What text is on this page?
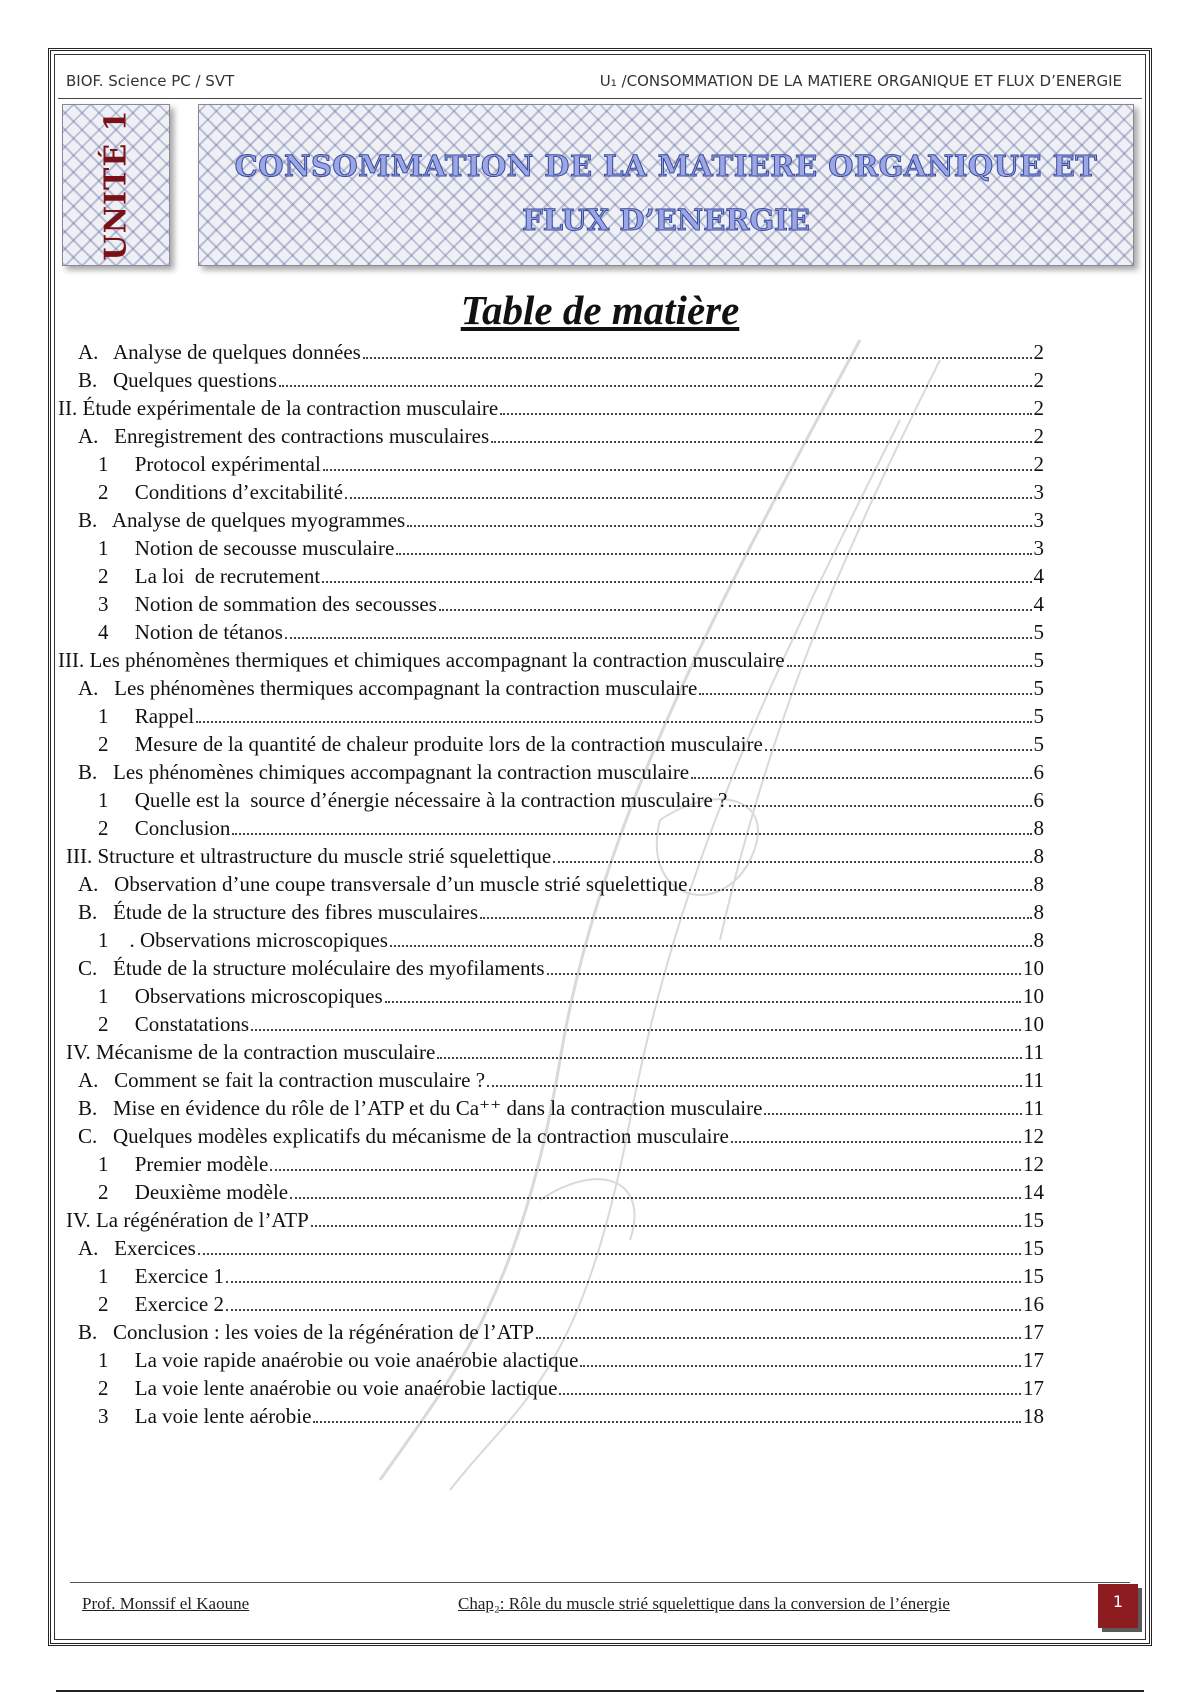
BIOF. Science PC / SVT	U₁ /CONSOMMATION DE LA MATIERE ORGANIQUE ET FLUX D’ENERGIE
UNITÉ 1	CONSOMMATION DE LA MATIERE ORGANIQUE ET
FLUX D’ENERGIE
Table de matière
A.   Analyse de quelques données	2
B.   Quelques questions	2
II. Étude expérimentale de la contraction musculaire	2
A.   Enregistrement des contractions musculaires	2
1     Protocol expérimental	2
2     Conditions d’excitabilité	3
B.   Analyse de quelques myogrammes	3
1     Notion de secousse musculaire	3
2     La loi  de recrutement	4
3     Notion de sommation des secousses	4
4     Notion de tétanos	5
III. Les phénomènes thermiques et chimiques accompagnant la contraction musculaire	5
A.   Les phénomènes thermiques accompagnant la contraction musculaire	5
1     Rappel	5
2     Mesure de la quantité de chaleur produite lors de la contraction musculaire	5
B.   Les phénomènes chimiques accompagnant la contraction musculaire	6
1     Quelle est la  source d’énergie nécessaire à la contraction musculaire ?	6
2     Conclusion	8
III. Structure et ultrastructure du muscle strié squelettique	8
A.   Observation d’une coupe transversale d’un muscle strié squelettique	8
B.   Étude de la structure des fibres musculaires	8
1    . Observations microscopiques	8
C.   Étude de la structure moléculaire des myofilaments	10
1     Observations microscopiques	10
2     Constatations	10
IV. Mécanisme de la contraction musculaire	11
A.   Comment se fait la contraction musculaire ?	11
B.   Mise en évidence du rôle de l’ATP et du Ca⁺⁺ dans la contraction musculaire	11
C.   Quelques modèles explicatifs du mécanisme de la contraction musculaire	12
1     Premier modèle	12
2     Deuxième modèle	14
IV. La régénération de l’ATP	15
A.   Exercices	15
1     Exercice 1	15
2     Exercice 2	16
B.   Conclusion : les voies de la régénération de l’ATP	17
1     La voie rapide anaérobie ou voie anaérobie alactique	17
2     La voie lente anaérobie ou voie anaérobie lactique	17
3     La voie lente aérobie	18
Prof. Monssif el Kaoune	Chap₂: Rôle du muscle strié squelettique dans la conversion de l’énergie	1
